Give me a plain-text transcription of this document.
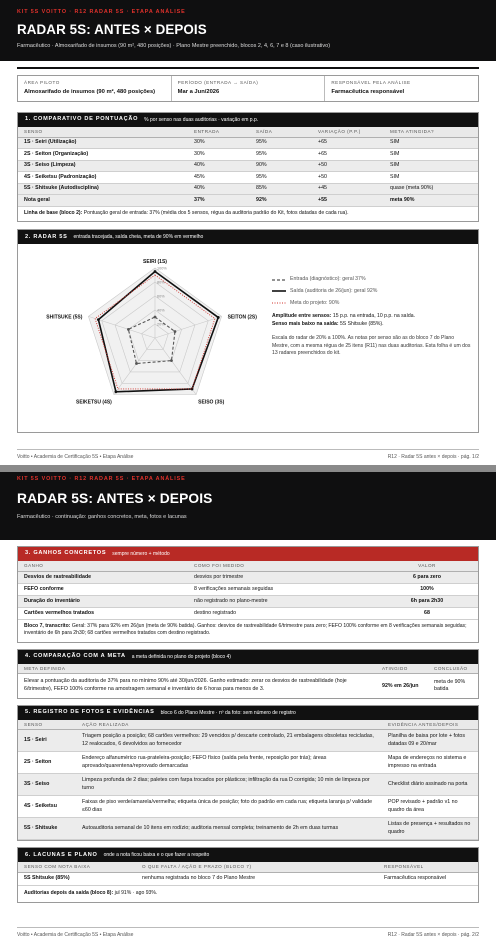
KIT 5S VOITTO · R12 RADAR 5S · ETAPA ANÁLISE
RADAR 5S: ANTES × DEPOIS
Farmacêutico · Almoxarifado de insumos (90 m², 480 posições) · Plano Mestre preenchido, blocos 2, 4, 6, 7 e 8 (caso ilustrativo)
ÁREA PILOTO
Almoxarifado de insumos (90 m², 480 posições)
PERÍODO (ENTRADA → SAÍDA)
Mar a Jun/2026
RESPONSÁVEL PELA ANÁLISE
Farmacêutica responsável
1. COMPARATIVO DE PONTUAÇÃO % por senso nas duas auditorias · variação em p.p.
SENSO	ENTRADA	SAÍDA	VARIAÇÃO (P.P.)	META ATINGIDA?
1S · Seiri (Utilização)	30%	95%	+65	SIM
2S · Seiton (Organização)	30%	95%	+65	SIM
3S · Seiso (Limpeza)	40%	90%	+50	SIM
4S · Seiketsu (Padronização)	45%	95%	+50	SIM
5S · Shitsuke (Autodisciplina)	40%	85%	+45	quase (meta 90%)
Nota geral	37%	92%	+55	meta 90%
Linha de base (bloco 2): Pontuação geral de entrada: 37% (média dos 5 sensos, régua da auditoria padrão do Kit, fotos datadas de cada rua).
2. RADAR 5S entrada tracejada, saída cheia, meta de 90% em vermelho
20%
40%
60%
80%
100%
SEIRI (1S)
SEITON (2S)
SEISO (3S)
SEIKETSU (4S)
SHITSUKE (5S)
Entrada (diagnóstico): geral 37%
Saída (auditoria de 26/jun): geral 92%
Meta do projeto: 90%
Amplitude entre sensos: 15 p.p. na entrada, 10 p.p. na saída.
Senso mais baixo na saída: 5S Shitsuke (85%).
Escala do radar de 20% a 100%. As notas por senso são as do bloco 7 do Plano Mestre, com a mesma régua de 25 itens (R11) nas duas auditorias. Esta folha é um dos 13 radares preenchidos do kit.
Voitto • Academia de Certificação 5S • Etapa Análise	R12 · Radar 5S antes × depois · pág. 1/2
KIT 5S VOITTO · R12 RADAR 5S · ETAPA ANÁLISE
RADAR 5S: ANTES × DEPOIS
Farmacêutico · continuação: ganhos concretos, meta, fotos e lacunas
3. GANHOS CONCRETOS sempre número + método
GANHO	COMO FOI MEDIDO	VALOR
Desvios de rastreabilidade	desvios por trimestre	6 para zero
FEFO conforme	8 verificações semanais seguidas	100%
Duração do inventário	não registrado no plano-mestre	6h para 2h30
Cartões vermelhos tratados	destino registrado	68
Bloco 7, transcrito: Geral: 37% para 92% em 26/jun (meta de 90% batida). Ganhos: desvios de rastreabilidade 6/trimestre para zero; FEFO 100% conforme em 8 verificações semanais seguidas; inventário de 6h para 2h30; 68 cartões vermelhos tratados com destino registrado.
4. COMPARAÇÃO COM A META a meta definida no plano do projeto (bloco 4)
META DEFINIDA	ATINGIDO	CONCLUSÃO
Elevar a pontuação da auditoria de 37% para no mínimo 90% até 30/jun/2026. Ganho estimado: zerar os desvios de rastreabilidade (hoje 6/trimestre), FEFO 100% conforme na amostragem semanal e inventário de 6 horas para menos de 3.	92% em 26/jun	meta de 90% batida
5. REGISTRO DE FOTOS E EVIDÊNCIAS bloco 6 do Plano Mestre · nº da foto: sem número de registro
SENSO	AÇÃO REALIZADA	EVIDÊNCIA ANTES/DEPOIS
1S · Seiri	Triagem posição a posição; 68 cartões vermelhos: 29 vencidos p/ descarte controlado, 21 embalagens obsoletas recicladas, 12 realocados, 6 devolvidos ao fornecedor	Planilha de baixa por lote + fotos datadas 09 e 20/mar
2S · Seiton	Endereço alfanumérico rua-prateleira-posição; FEFO físico (saída pela frente, reposição por trás); áreas aprovado/quarentena/reprovado demarcadas	Mapa de endereços no sistema e impresso na entrada
3S · Seiso	Limpeza profunda de 2 dias; paletes com farpa trocados por plásticos; infiltração da rua D corrigida; 10 min de limpeza por turno	Checklist diário assinado na porta
4S · Seiketsu	Faixas de piso verde/amarela/vermelha; etiqueta única de posição; foto do padrão em cada rua; etiqueta laranja p/ validade ≤60 dias	POP revisado + padrão v1 no quadro da área
5S · Shitsuke	Autoauditoria semanal de 10 itens em rodízio; auditoria mensal completa; treinamento de 2h em duas turmas	Listas de presença + resultados no quadro
6. LACUNAS E PLANO onde a nota ficou baixa e o que fazer a respeito
SENSO COM NOTA BAIXA	O QUE FALTA / AÇÃO E PRAZO (BLOCO 7)	RESPONSÁVEL
5S Shitsuke (85%)	nenhuma registrada no bloco 7 do Plano Mestre	Farmacêutica responsável
Auditorias depois da saída (bloco 8): jul 91% · ago 93%.
Voitto • Academia de Certificação 5S • Etapa Análise	R12 · Radar 5S antes × depois · pág. 2/2
